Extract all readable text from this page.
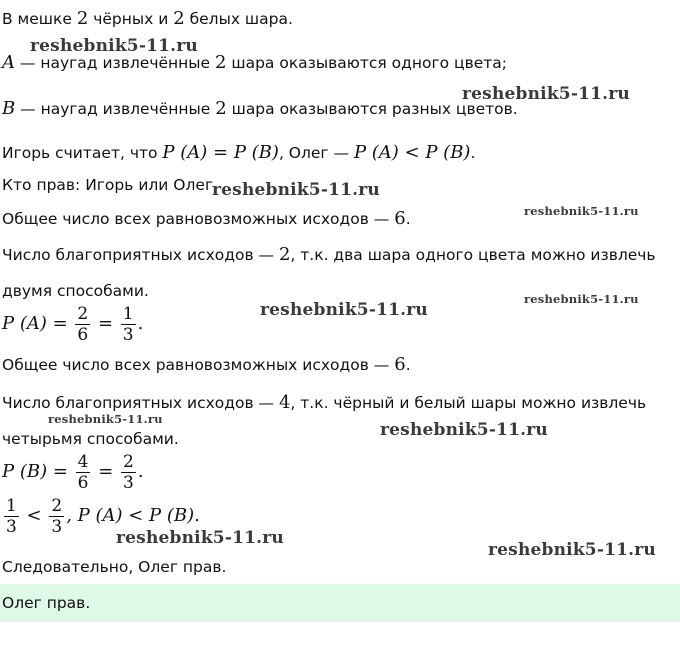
В мешке 2 чёрных и 2 белых шара.
A — наугад извлечённые 2 шара оказываются одного цвета;
B — наугад извлечённые 2 шара оказываются разных цветов.
Игорь считает, что P (A) = P (B), Олег — P (A) < P (B).
Кто прав: Игорь или Олег.
Общее число всех равновозможных исходов — 6.
Число благоприятных исходов — 2, т.к. два шара одного цвета можно извлечь
двумя способами.
P $(A) = \frac{2}{6} = \frac{1}{3}$ .
Общее число всех равновозможных исходов — 6.
Число благоприятных исходов — 4, т.к. чёрный и белый шары можно извлечь
четырьмя способами.
P $(B) = \frac{4}{6} = \frac{2}{3}$ .
$\frac{1}{3} < \frac{2}{3}$ , P (A) < P (B).
Следовательно, Олег прав.
Олег прав.
reshebnik5-11.ru
reshebnik5-11.ru
reshebnik5-11.ru
reshebnik5-11.ru
reshebnik5-11.ru
reshebnik5-11.ru
reshebnik5-11.ru
reshebnik5-11.ru
reshebnik5-11.ru
reshebnik5-11.ru
